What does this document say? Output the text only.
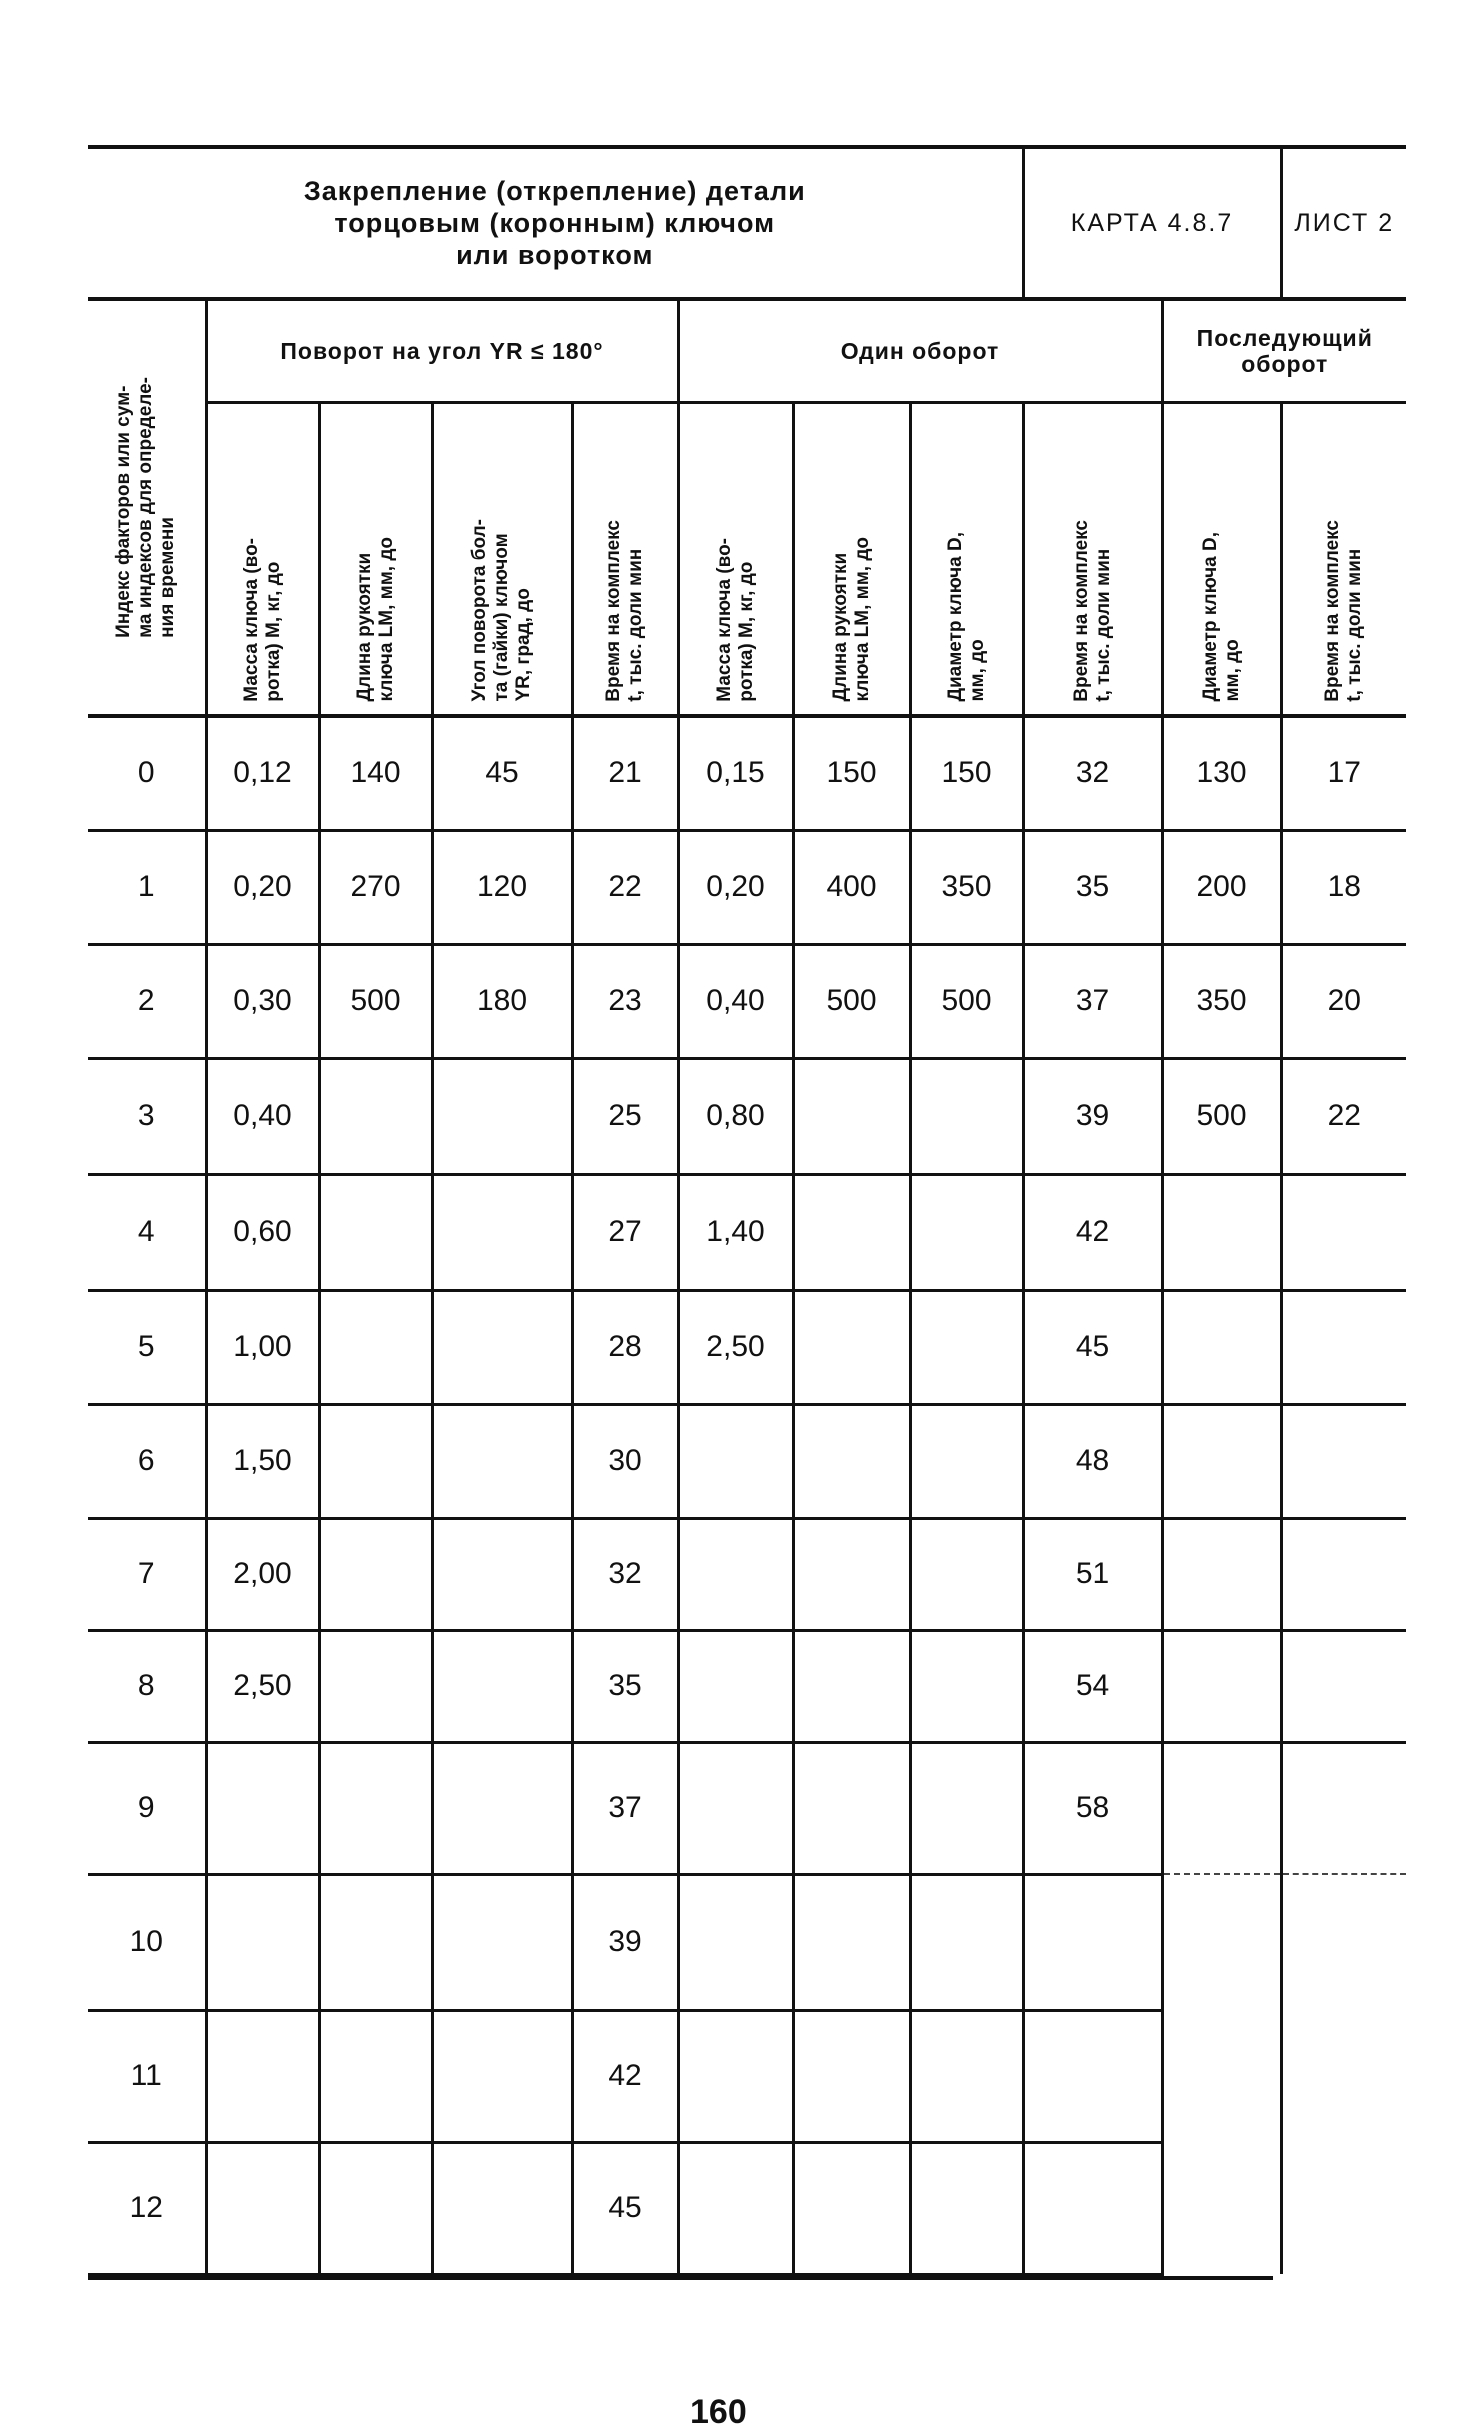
Закрепление (открепление) детали
торцовым (коронным) ключом
или воротком								КАРТА 4.8.7		ЛИСТ 2

Индекс факторов или сум-
ма индексов для определе-
ния времени	Поворот на угол YR ≤ 180°				Один оборот				Последующий
оборот	

	Масса ключа (во-
ротка) М, кг, до	Длина рукоятки
ключа LM, мм, до	Угол поворота бол-
та (гайки) ключом
YR, град, до	Время на комплекс
t, тыс. доли мин	Масса ключа (во-
ротка) М, кг, до	Длина рукоятки
ключа LM, мм, до	Диаметр ключа D,
мм, до	Время на комплекс
t, тыс. доли мин	Диаметр ключа D,
мм, до	Время на комплекс
t, тыс. доли мин

0	0,12	140	45	21	0,15	150	150	32	130	17
1	0,20	270	120	22	0,20	400	350	35	200	18
2	0,30	500	180	23	0,40	500	500	37	350	20
3	0,40			25	0,80			39	500	22
4	0,60			27	1,40			42		
5	1,00			28	2,50			45		
6	1,50			30				48		
7	2,00			32				51		
8	2,50			35				54		
9				37				58		
10				39						
11				42						
12				45						
160
